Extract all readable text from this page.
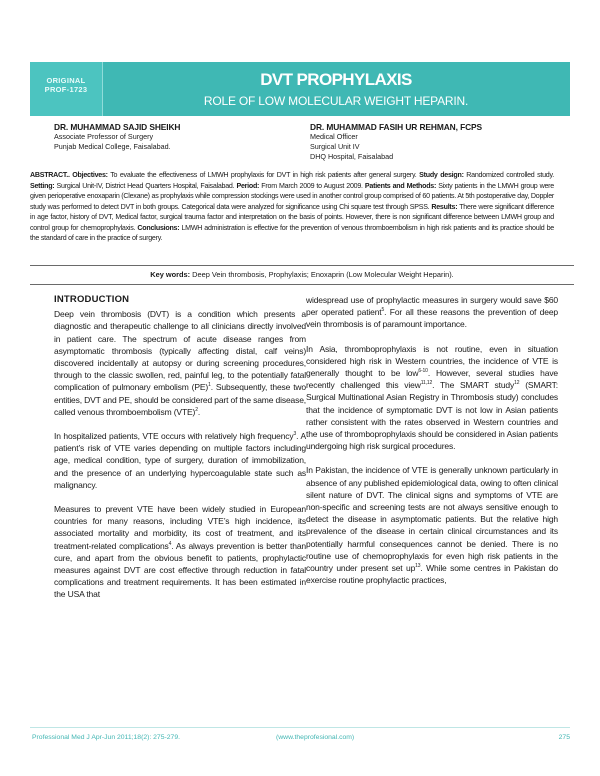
ORIGINAL
PROF-1723
DVT PROPHYLAXIS
ROLE OF LOW MOLECULAR WEIGHT HEPARIN.
DR. MUHAMMAD SAJID SHEIKH
Associate Professor of Surgery
Punjab Medical College, Faisalabad.
DR. MUHAMMAD FASIH UR REHMAN, FCPS
Medical Officer
Surgical Unit IV
DHQ Hospital, Faisalabad
ABSTRACT.. Objectives: To evaluate the effectiveness of LMWH prophylaxis for DVT in high risk patients after general surgery. Study design: Randomized controlled study. Setting: Surgical Unit-IV, District Head Quarters Hospital, Faisalabad. Period: From March 2009 to August 2009. Patients and Methods: Sixty patients in the LMWH group were given perioperative enoxaparin (Clexane) as prophylaxis while compression stockings were used in another control group comprised of 60 patients. At 5th postoperative day, Doppler study was performed to detect DVT in both groups. Categorical data were analyzed for significance using Chi square test through SPSS. Results: There were significant difference in age factor, history of DVT, Medical factor, surgical trauma factor and interpretation on the basis of points. However, there is non significant difference between LMWH group and control group for chemoprophylaxis. Conclusions: LMWH administration is effective for the prevention of venous thromboembolism in high risk patients and its practice should be the standard of care in the practice of surgery.
Key words: Deep Vein thrombosis, Prophylaxis; Enoxaprin (Low Molecular Weight Heparin).
INTRODUCTION

Deep vein thrombosis (DVT) is a condition which presents a diagnostic and therapeutic challenge to all clinicians directly involved in patient care. The spectrum of acute disease ranges from asymptomatic thrombosis (typically affecting distal, calf veins) discovered incidentally at autopsy or during screening procedures, through to the classic swollen, red, painful leg, to the potentially fatal complication of pulmonary embolism (PE)$^1$. Subsequently, these two entities, DVT and PE, should be considered part of the same disease, called venous thromboembolism (VTE)$^2$.

In hospitalized patients, VTE occurs with relatively high frequency$^3$. A patient’s risk of VTE varies depending on multiple factors including age, medical condition, type of surgery, duration of immobilization, and the presence of an underlying hypercoagulable state such as malignancy.

Measures to prevent VTE have been widely studied in European countries for many reasons, including VTE’s high incidence, its associated mortality and morbidity, its cost of treatment, and its treatment-related complications$^4$. As always prevention is better than cure, and apart from the obvious benefit to patients, prophylactic measures against DVT are cost effective through reduction in fatal complications and treatment requirements. It has been estimated in the USA that

widespread use of prophylactic measures in surgery would save $60 per operated patient$^5$. For all these reasons the prevention of deep vein thrombosis is of paramount importance.

In Asia, thromboprophylaxis is not routine, even in situation considered high risk in Western countries, the incidence of VTE is generally thought to be low$^{6-10}$. However, several studies have recently challenged this view$^{11,12}$. The SMART study$^{12}$ (SMART: Surgical Multinational Asian Registry in Thrombosis study) concludes that the incidence of symptomatic DVT is not low in Asian patients rather consistent with the rates observed in Western countries and the use of thromboprophylaxis should be considered in Asian patients undergoing high risk surgical procedures.

In Pakistan, the incidence of VTE is generally unknown particularly in absence of any published epidemiological data, owing to often clinical silent nature of DVT. The clinical signs and symptoms of VTE are non-specific and screening tests are not always sensitive enough to detect the disease in asymptomatic patients. But the relative high prevalence of the disease in certain clinical circumstances and its potentially harmful consequences cannot be denied. There is no routine use of chemoprophylaxis for even high risk patients in the country under present set $up^{13}$. While some centres in Pakistan do exercise routine prophylactic practices,

Professional Med J Apr-Jun 2011;18(2): 275-279.	(www.theprofesional.com)	275
